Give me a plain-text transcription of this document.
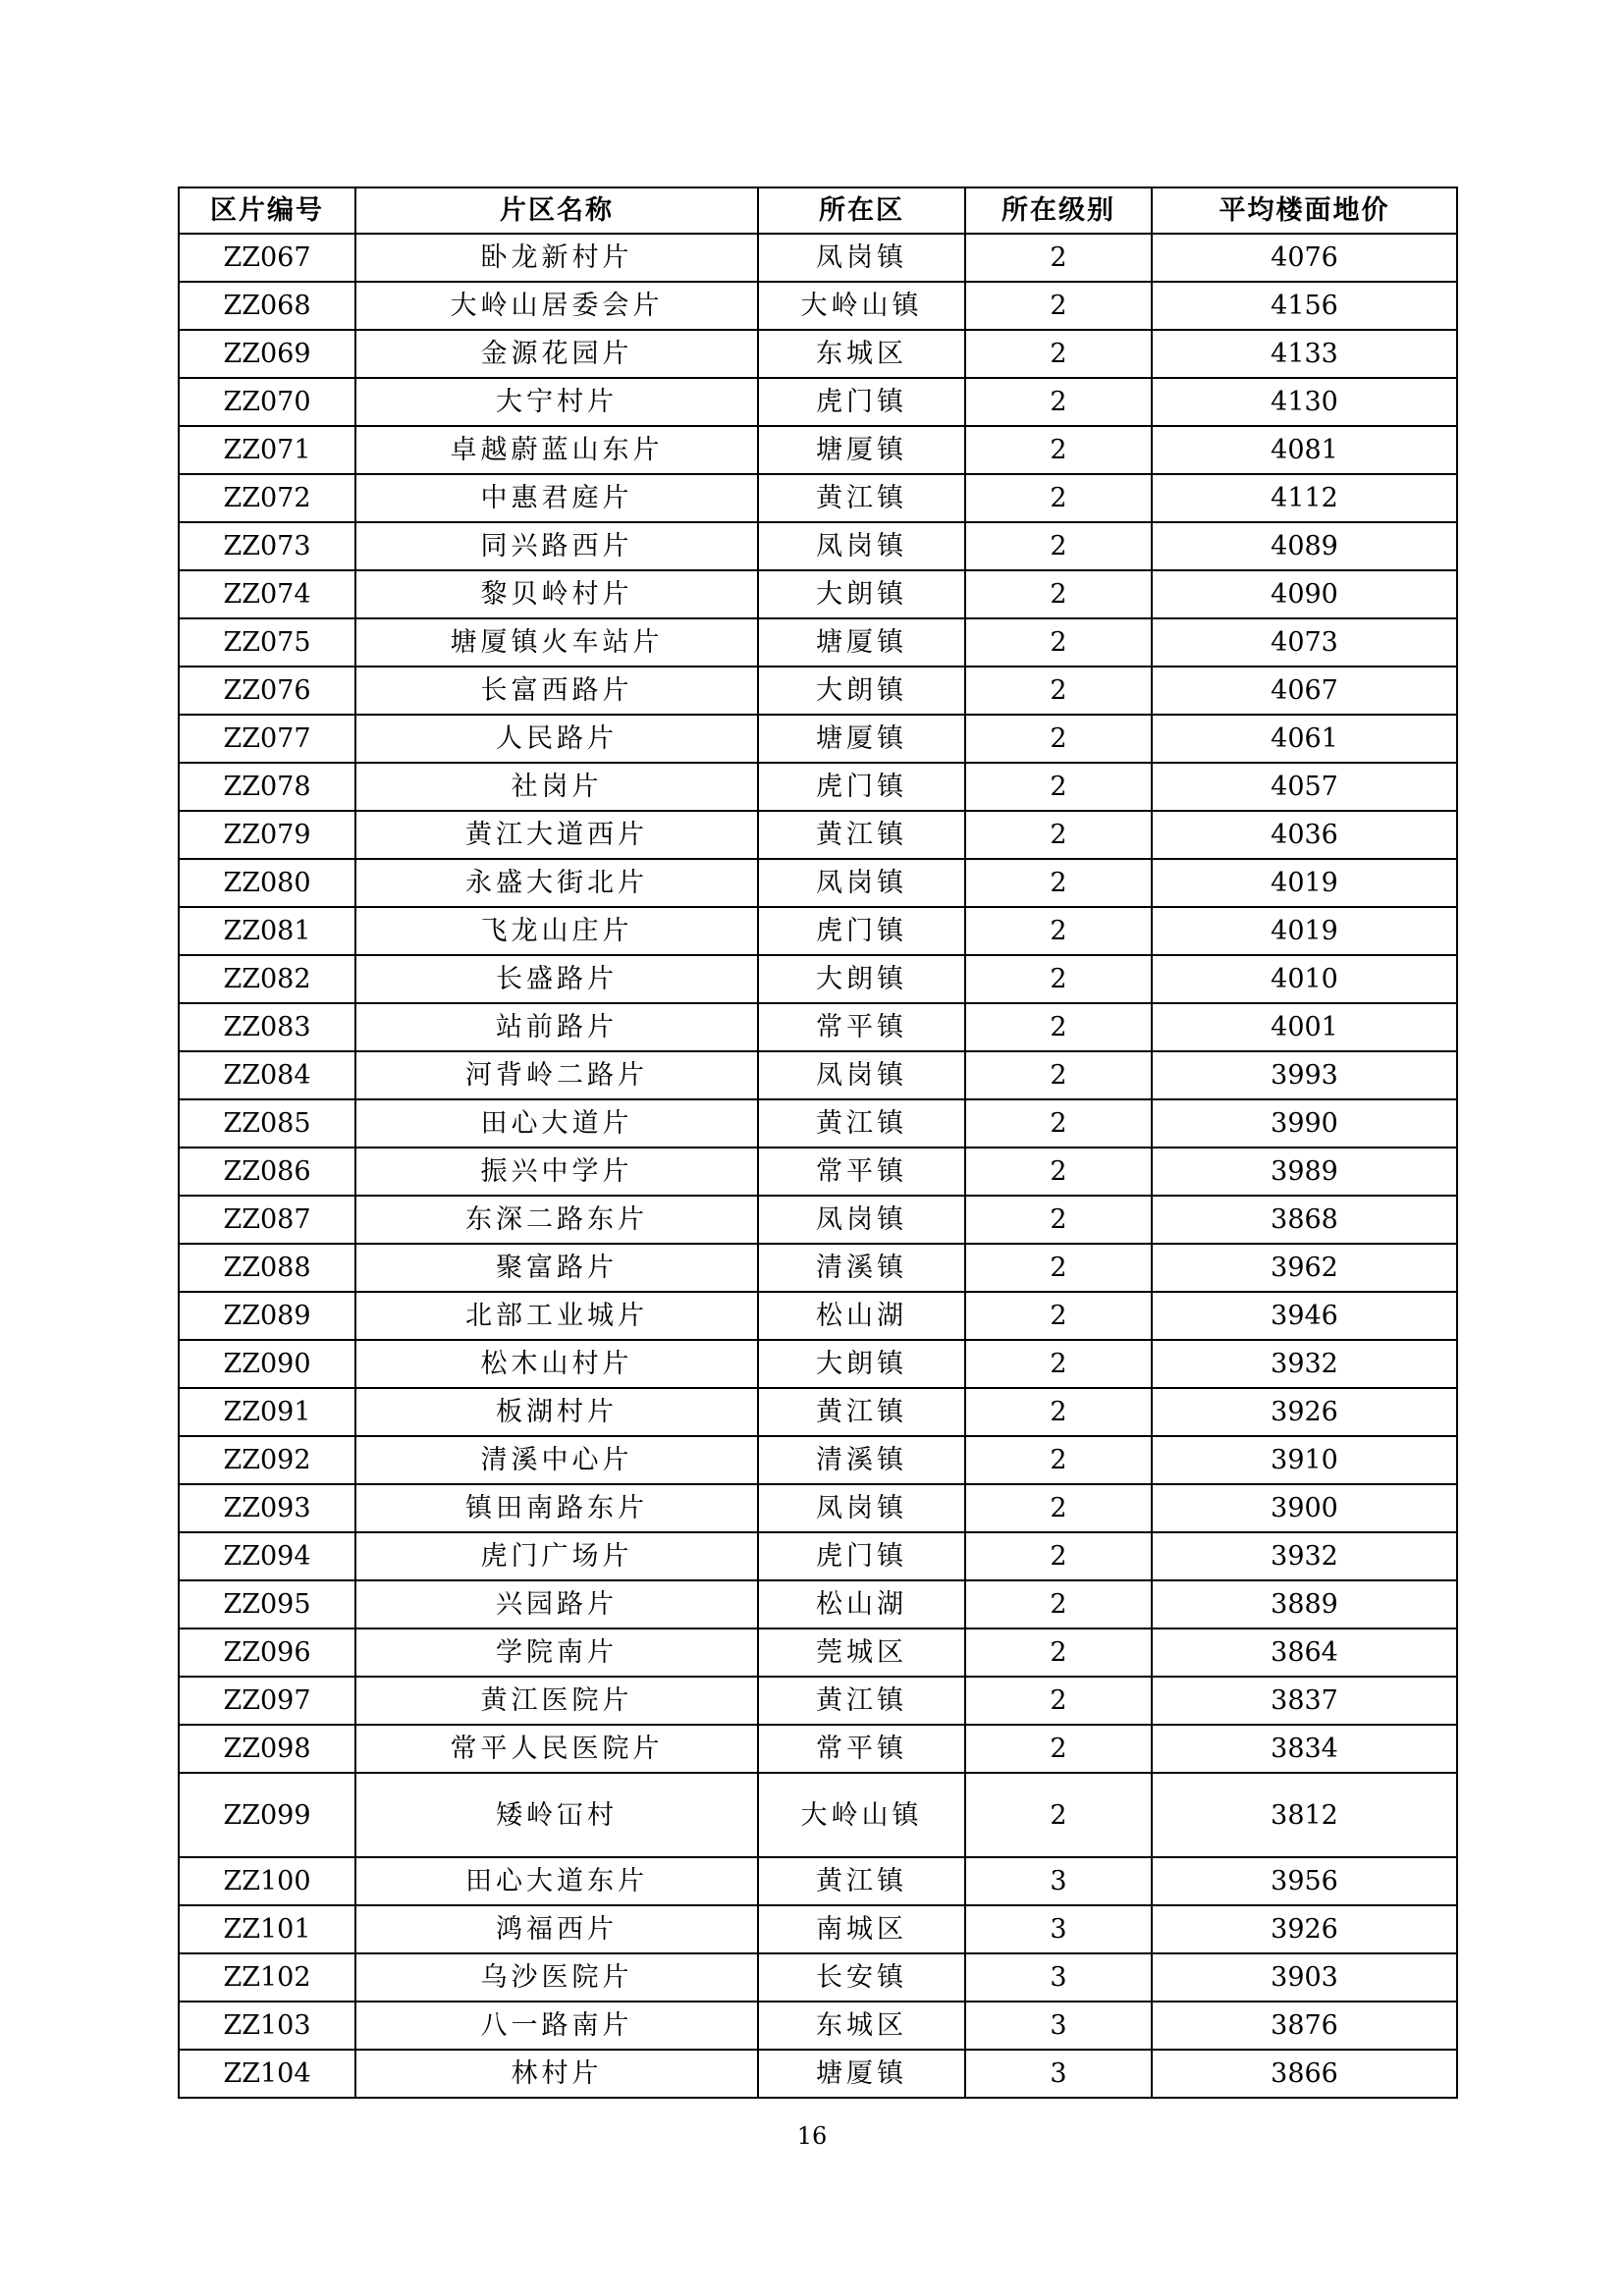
区片编号	片区名称	所在区	所在级别	平均楼面地价
ZZ067	卧龙新村片	凤岗镇	2	4076
ZZ068	大岭山居委会片	大岭山镇	2	4156
ZZ069	金源花园片	东城区	2	4133
ZZ070	大宁村片	虎门镇	2	4130
ZZ071	卓越蔚蓝山东片	塘厦镇	2	4081
ZZ072	中惠君庭片	黄江镇	2	4112
ZZ073	同兴路西片	凤岗镇	2	4089
ZZ074	黎贝岭村片	大朗镇	2	4090
ZZ075	塘厦镇火车站片	塘厦镇	2	4073
ZZ076	长富西路片	大朗镇	2	4067
ZZ077	人民路片	塘厦镇	2	4061
ZZ078	社岗片	虎门镇	2	4057
ZZ079	黄江大道西片	黄江镇	2	4036
ZZ080	永盛大街北片	凤岗镇	2	4019
ZZ081	飞龙山庄片	虎门镇	2	4019
ZZ082	长盛路片	大朗镇	2	4010
ZZ083	站前路片	常平镇	2	4001
ZZ084	河背岭二路片	凤岗镇	2	3993
ZZ085	田心大道片	黄江镇	2	3990
ZZ086	振兴中学片	常平镇	2	3989
ZZ087	东深二路东片	凤岗镇	2	3868
ZZ088	聚富路片	清溪镇	2	3962
ZZ089	北部工业城片	松山湖	2	3946
ZZ090	松木山村片	大朗镇	2	3932
ZZ091	板湖村片	黄江镇	2	3926
ZZ092	清溪中心片	清溪镇	2	3910
ZZ093	镇田南路东片	凤岗镇	2	3900
ZZ094	虎门广场片	虎门镇	2	3932
ZZ095	兴园路片	松山湖	2	3889
ZZ096	学院南片	莞城区	2	3864
ZZ097	黄江医院片	黄江镇	2	3837
ZZ098	常平人民医院片	常平镇	2	3834
ZZ099	矮岭冚村	大岭山镇	2	3812
ZZ100	田心大道东片	黄江镇	3	3956
ZZ101	鸿福西片	南城区	3	3926
ZZ102	乌沙医院片	长安镇	3	3903
ZZ103	八一路南片	东城区	3	3876
ZZ104	林村片	塘厦镇	3	3866
16
